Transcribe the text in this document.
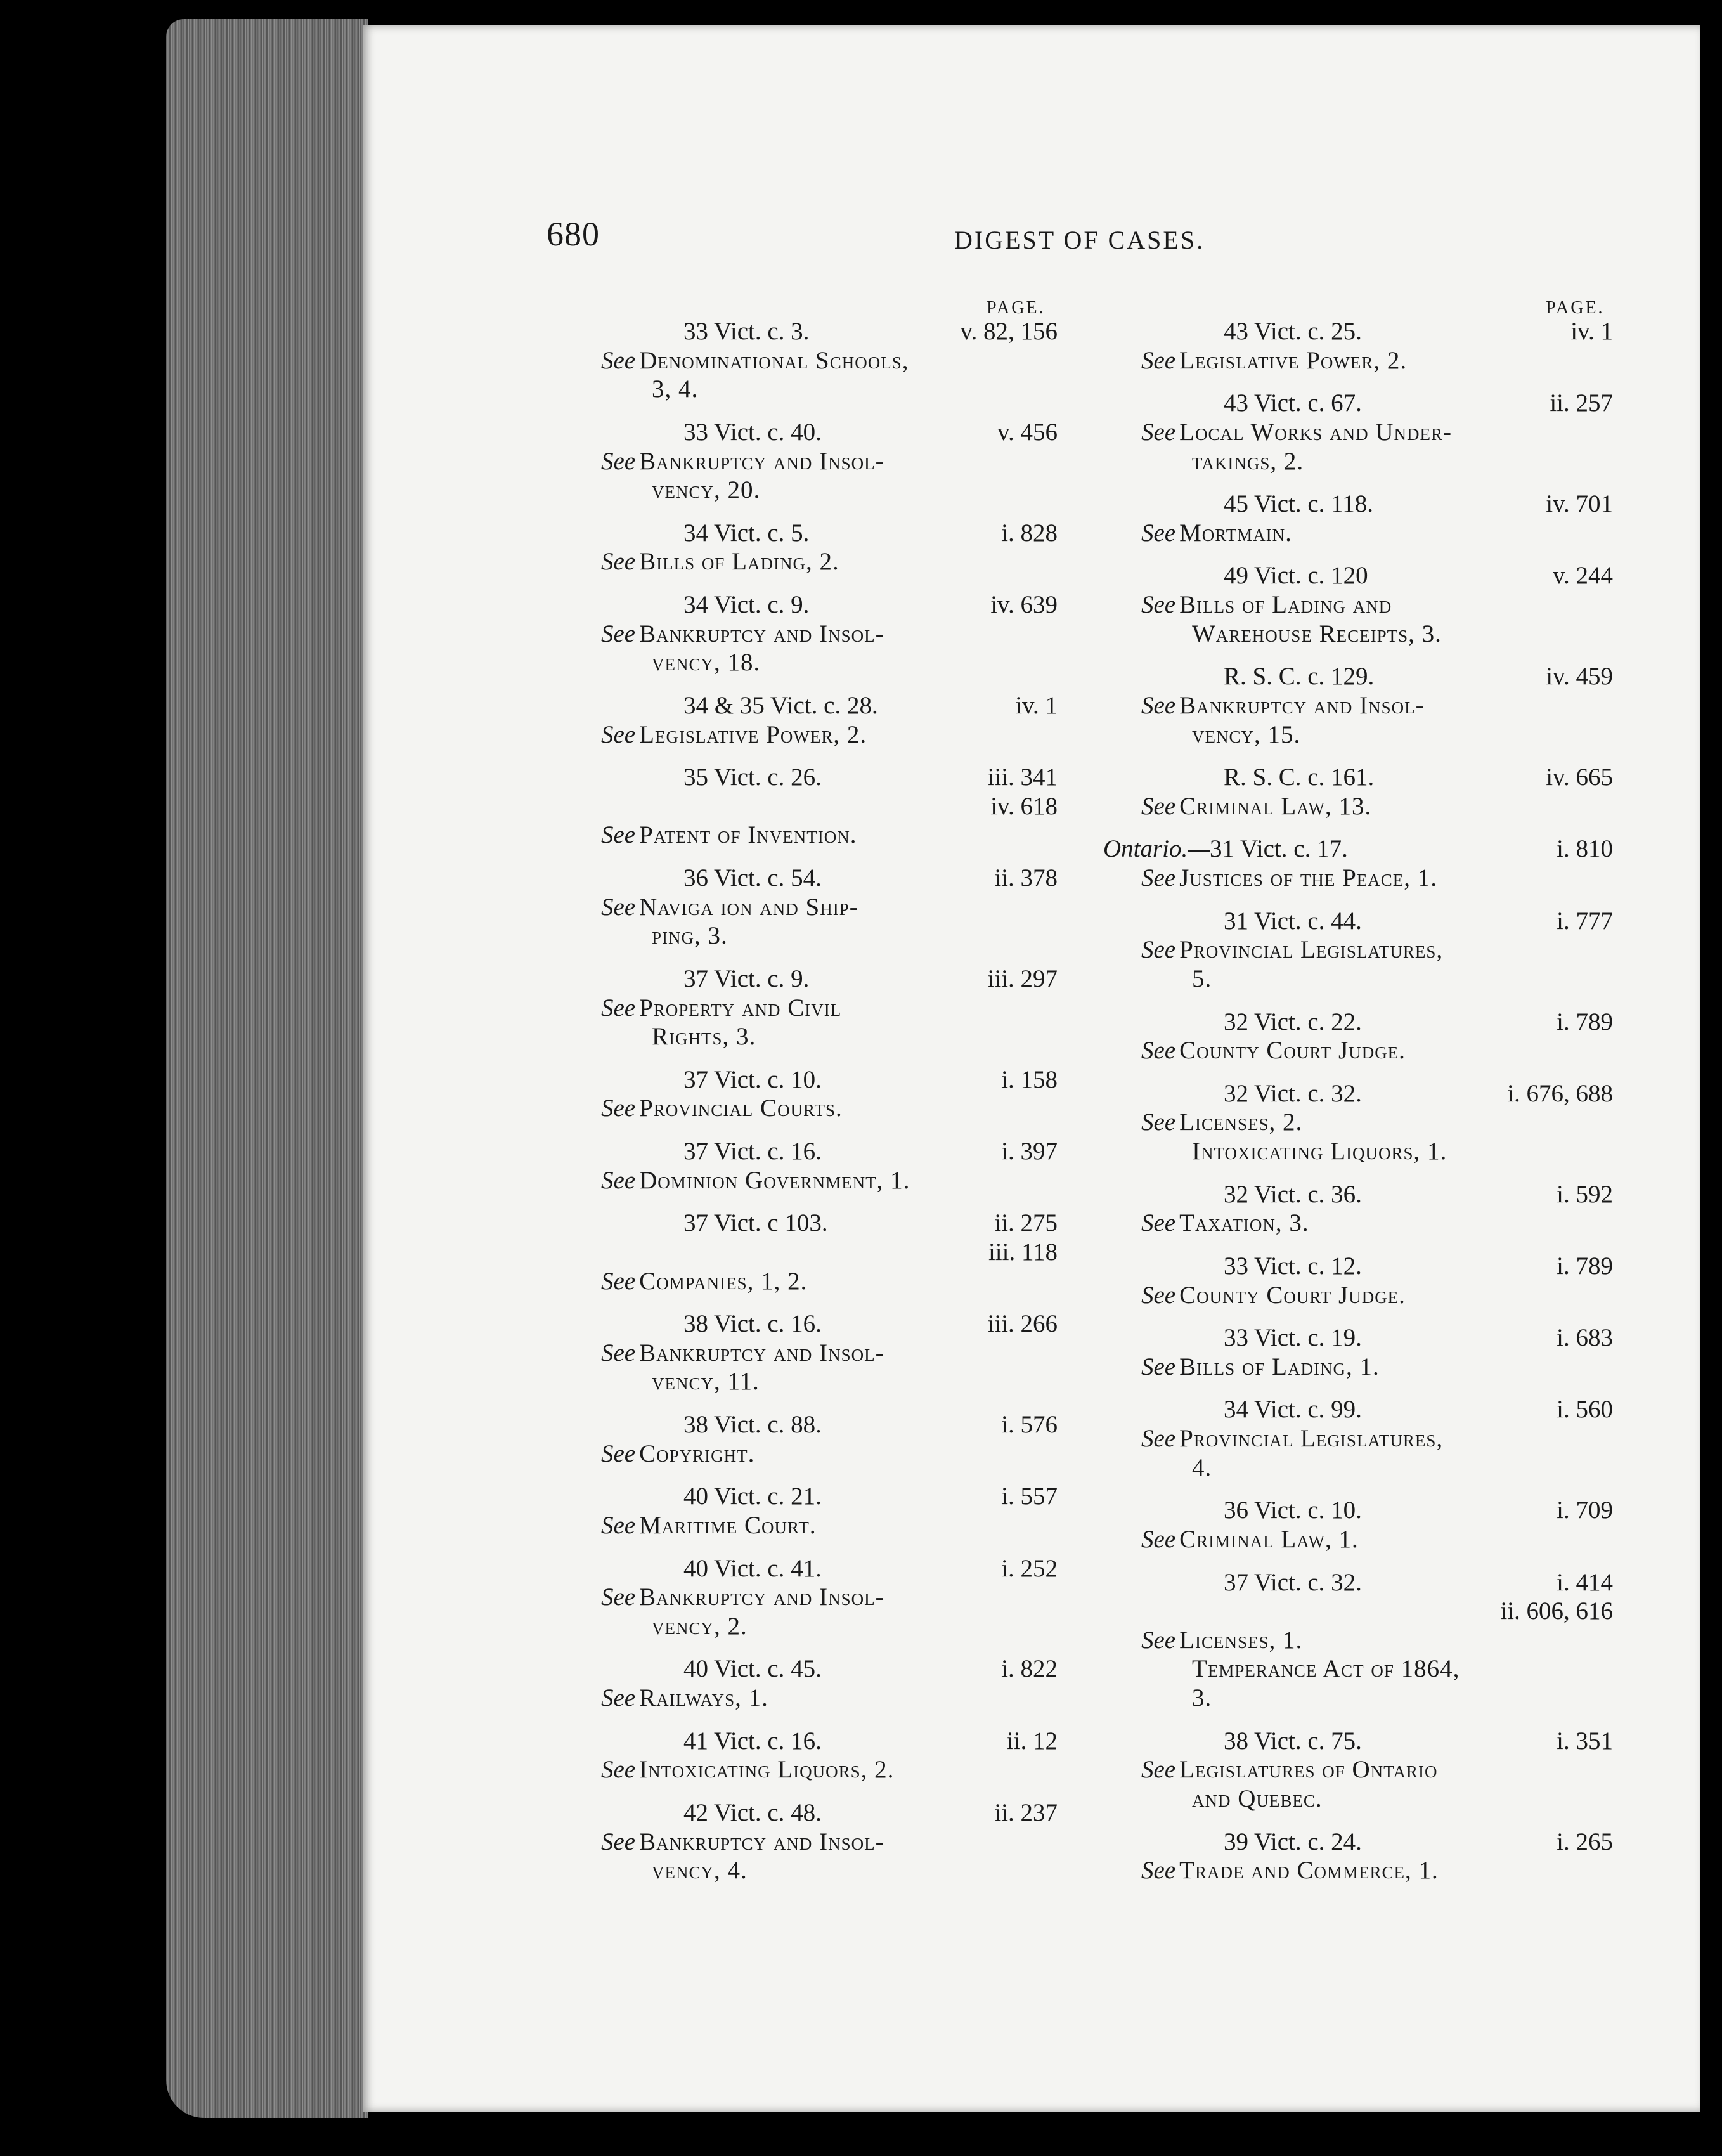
680	DIGEST OF CASES.
PAGE.	PAGE.
33 Vict. c. 3.	v. 82, 156
See Denominational Schools,
3, 4.
33 Vict. c. 40.	v. 456
See Bankruptcy and Insol-
vency, 20.
34 Vict. c. 5.	i. 828
See Bills of Lading, 2.
34 Vict. c. 9.	iv. 639
See Bankruptcy and Insol-
vency, 18.
34 & 35 Vict. c. 28.	iv. 1
See Legislative Power, 2.
35 Vict. c. 26.	iii. 341
iv. 618
See Patent of Invention.
36 Vict. c. 54.	ii. 378
See Naviga ion and Ship-
ping, 3.
37 Vict. c. 9.	iii. 297
See Property and Civil
Rights, 3.
37 Vict. c. 10.	i. 158
See Provincial Courts.
37 Vict. c. 16.	i. 397
See Dominion Government, 1.
37 Vict. c 103.	ii. 275
iii. 118
See Companies, 1, 2.
38 Vict. c. 16.	iii. 266
See Bankruptcy and Insol-
vency, 11.
38 Vict. c. 88.	i. 576
See Copyright.
40 Vict. c. 21.	i. 557
See Maritime Court.
40 Vict. c. 41.	i. 252
See Bankruptcy and Insol-
vency, 2.
40 Vict. c. 45.	i. 822
See Railways, 1.
41 Vict. c. 16.	ii. 12
See Intoxicating Liquors, 2.
42 Vict. c. 48.	ii. 237
See Bankruptcy and Insol-
vency, 4.
43 Vict. c. 25.	iv. 1
See Legislative Power, 2.
43 Vict. c. 67.	ii. 257
See Local Works and Under-
takings, 2.
45 Vict. c. 118.	iv. 701
See Mortmain.
49 Vict. c. 120	v. 244
See Bills of Lading and
Warehouse Receipts, 3.
R. S. C. c. 129.	iv. 459
See Bankruptcy and Insol-
vency, 15.
R. S. C. c. 161.	iv. 665
See Criminal Law, 13.
Ontario.—31 Vict. c. 17.	i. 810
See Justices of the Peace, 1.
31 Vict. c. 44.	i. 777
See Provincial Legislatures,
5.
32 Vict. c. 22.	i. 789
See County Court Judge.
32 Vict. c. 32.	i. 676, 688
See Licenses, 2.
Intoxicating Liquors, 1.
32 Vict. c. 36.	i. 592
See Taxation, 3.
33 Vict. c. 12.	i. 789
See County Court Judge.
33 Vict. c. 19.	i. 683
See Bills of Lading, 1.
34 Vict. c. 99.	i. 560
See Provincial Legislatures,
4.
36 Vict. c. 10.	i. 709
See Criminal Law, 1.
37 Vict. c. 32.	i. 414
ii. 606, 616
See Licenses, 1.
Temperance Act of 1864,
3.
38 Vict. c. 75.	i. 351
See Legislatures of Ontario
and Quebec.
39 Vict. c. 24.	i. 265
See Trade and Commerce, 1.
